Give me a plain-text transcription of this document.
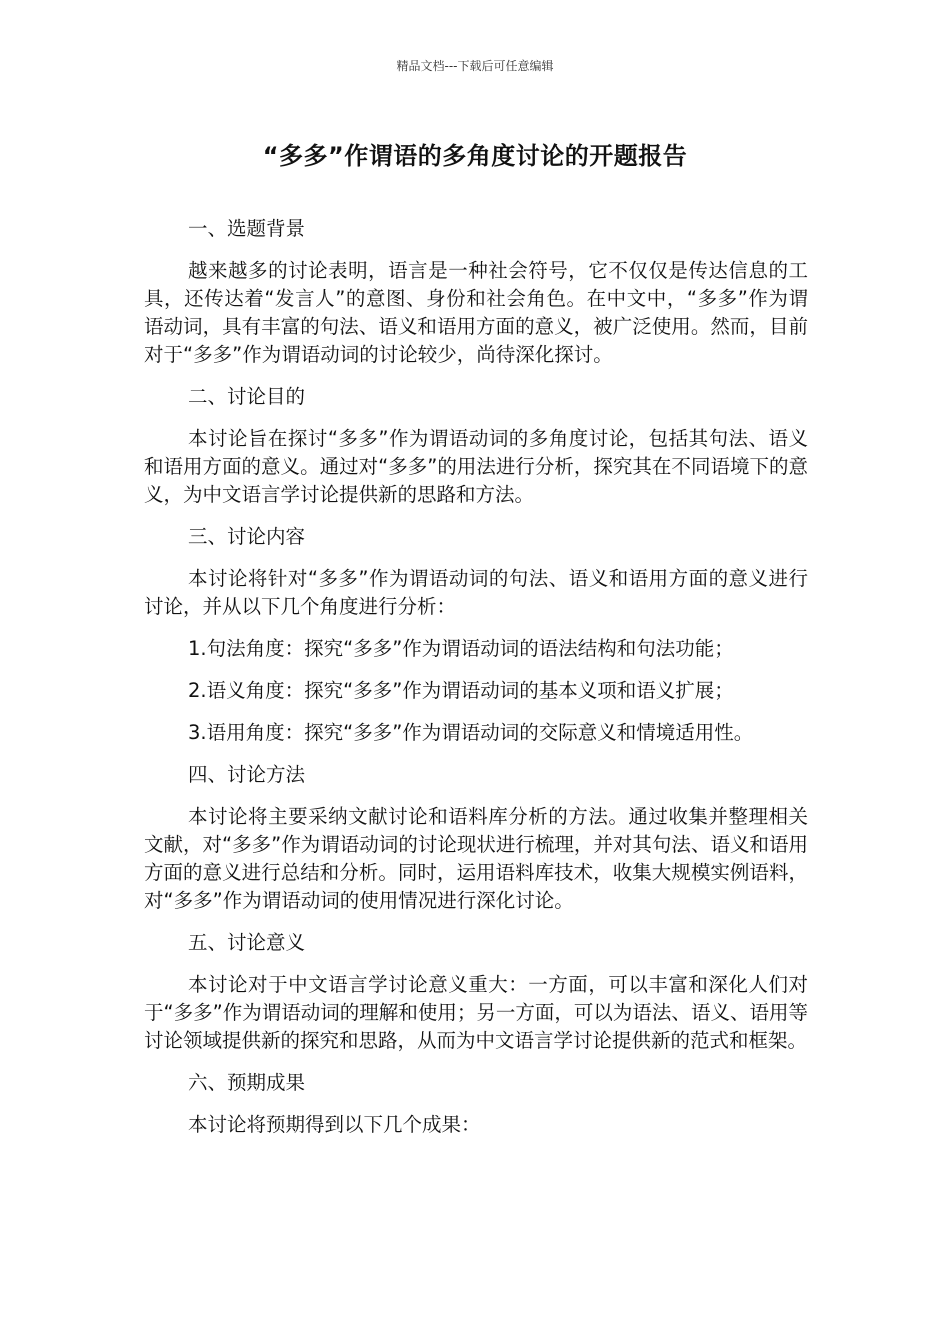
精品文档---下载后可任意编辑
“多多”作谓语的多角度讨论的开题报告
一、选题背景

越来越多的讨论表明，语言是一种社会符号，它不仅仅是传达信息的工具，还传达着“发言人”的意图、身份和社会角色。在中文中，“多多”作为谓语动词，具有丰富的句法、语义和语用方面的意义，被广泛使用。然而，目前对于“多多”作为谓语动词的讨论较少，尚待深化探讨。

二、讨论目的

本讨论旨在探讨“多多”作为谓语动词的多角度讨论，包括其句法、语义和语用方面的意义。通过对“多多”的用法进行分析，探究其在不同语境下的意义，为中文语言学讨论提供新的思路和方法。

三、讨论内容

本讨论将针对“多多”作为谓语动词的句法、语义和语用方面的意义进行讨论，并从以下几个角度进行分析：

1.句法角度：探究“多多”作为谓语动词的语法结构和句法功能；
2.语义角度：探究“多多”作为谓语动词的基本义项和语义扩展；
3.语用角度：探究“多多”作为谓语动词的交际意义和情境适用性。
四、讨论方法

本讨论将主要采纳文献讨论和语料库分析的方法。通过收集并整理相关文献，对“多多”作为谓语动词的讨论现状进行梳理，并对其句法、语义和语用方面的意义进行总结和分析。同时，运用语料库技术，收集大规模实例语料，对“多多”作为谓语动词的使用情况进行深化讨论。

五、讨论意义

本讨论对于中文语言学讨论意义重大：一方面，可以丰富和深化人们对于“多多”作为谓语动词的理解和使用；另一方面，可以为语法、语义、语用等讨论领域提供新的探究和思路，从而为中文语言学讨论提供新的范式和框架。

六、预期成果

本讨论将预期得到以下几个成果：
